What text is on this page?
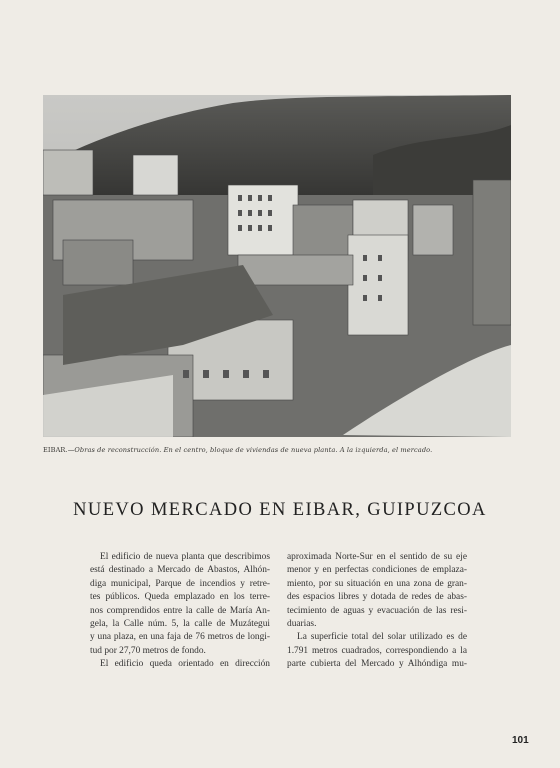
EIBAR.—Obras de reconstrucción. En el centro, bloque de viviendas de nueva planta. A la izquierda, el mercado.
NUEVO MERCADO EN EIBAR, GUIPUZCOA
El edificio de nueva planta que describimos
está destinado a Mercado de Abastos, Alhón-
diga municipal, Parque de incendios y retre-
tes públicos. Queda emplazado en los terre-
nos comprendidos entre la calle de María An-
gela, la Calle núm. 5, la calle de Muzátegui
y una plaza, en una faja de 76 metros de longi-
tud por 27,70 metros de fondo.
El edificio queda orientado en dirección
aproximada Norte-Sur en el sentido de su eje
menor y en perfectas condiciones de emplaza-
miento, por su situación en una zona de gran-
des espacios libres y dotada de redes de abas-
tecimiento de aguas y evacuación de las resi-
duarias.
La superficie total del solar utilizado es de
1.791 metros cuadrados, correspondiendo a la
parte cubierta del Mercado y Alhóndiga mu-
101
